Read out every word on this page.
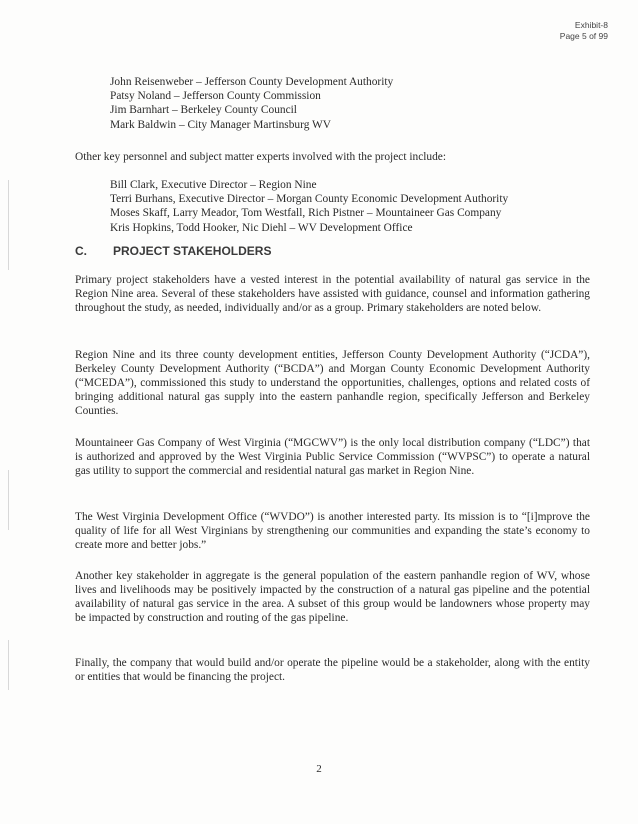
Exhibit-8
Page 5 of 99
John Reisenweber – Jefferson County Development Authority
Patsy Noland – Jefferson County Commission
Jim Barnhart – Berkeley County Council
Mark Baldwin – City Manager Martinsburg WV
Other key personnel and subject matter experts involved with the project include:
Bill Clark, Executive Director – Region Nine
Terri Burhans, Executive Director – Morgan County Economic Development Authority
Moses Skaff, Larry Meador, Tom Westfall, Rich Pistner – Mountaineer Gas Company
Kris Hopkins, Todd Hooker, Nic Diehl – WV Development Office
C. PROJECT STAKEHOLDERS
Primary project stakeholders have a vested interest in the potential availability of natural gas service in the Region Nine area. Several of these stakeholders have assisted with guidance, counsel and information gathering throughout the study, as needed, individually and/or as a group. Primary stakeholders are noted below.
Region Nine and its three county development entities, Jefferson County Development Authority (“JCDA”), Berkeley County Development Authority (“BCDA”) and Morgan County Economic Development Authority (“MCEDA”), commissioned this study to understand the opportunities, challenges, options and related costs of bringing additional natural gas supply into the eastern panhandle region, specifically Jefferson and Berkeley Counties.
Mountaineer Gas Company of West Virginia (“MGCWV”) is the only local distribution company (“LDC”) that is authorized and approved by the West Virginia Public Service Commission (“WVPSC”) to operate a natural gas utility to support the commercial and residential natural gas market in Region Nine.
The West Virginia Development Office (“WVDO”) is another interested party. Its mission is to “[i]mprove the quality of life for all West Virginians by strengthening our communities and expanding the state’s economy to create more and better jobs.”
Another key stakeholder in aggregate is the general population of the eastern panhandle region of WV, whose lives and livelihoods may be positively impacted by the construction of a natural gas pipeline and the potential availability of natural gas service in the area. A subset of this group would be landowners whose property may be impacted by construction and routing of the gas pipeline.
Finally, the company that would build and/or operate the pipeline would be a stakeholder, along with the entity or entities that would be financing the project.
2
